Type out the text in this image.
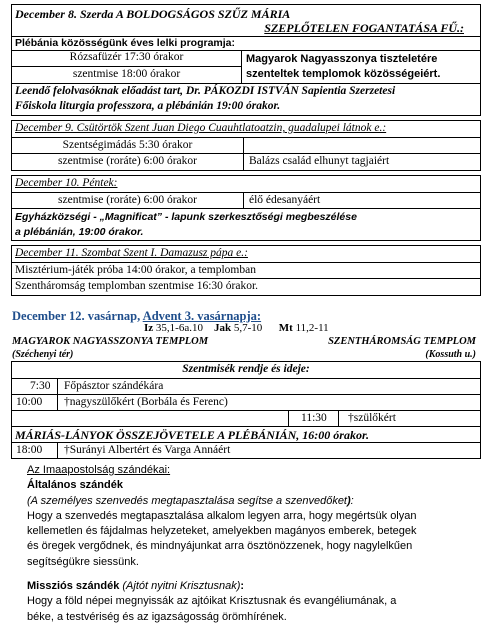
December 8. Szerda A BOLDOGSÁGOS SZŰZ MÁRIA
SZEPLŐTELEN FOGANTATÁSA FŰ.:
Plébánia közösségünk éves lelki programja:
Rózsafüzér 17:30 órakor
szentmise 18:00 órakor
Magyarok Nagyasszonya tiszteletére
szenteltek templomok közösségeiért.
Leendő felolvasóknak előadást tart, Dr. PÁKOZDI ISTVÁN Sapientia Szerzetesi
Főiskola liturgia professzora, a plébánián 19:00 órakor.
December 9. Csütörtök Szent Juan Diego Cuauhtlatoatzin, guadalupei látnok e.:
Szentségimádás 5:30 órakor
szentmise (roráte) 6:00 órakor	Balázs család elhunyt tagjaiért
December 10. Péntek:
szentmise (roráte) 6:00 órakor	élő édesanyáért
Egyházközségi - „Magnificat” - lapunk szerkesztőségi megbeszélése
a plébánián, 19:00 órakor.
December 11. Szombat Szent I. Damazusz pápa e.:
Misztérium-játék próba 14:00 órakor, a templomban
Szentháromság templomban szentmise 16:30 órakor.
December 12. vasárnap, Advent 3. vasárnapja:
Iz 35,1-6a.10 Jak 5,7-10 Mt 11,2-11
MAGYAROK NAGYASSZONYA TEMPLOM	SZENTHÁROMSÁG TEMPLOM
(Széchenyi tér)	(Kossuth u.)
Szentmisék rendje és ideje:
7:30 Főpásztor szándékára
10:00 †nagyszülőkért (Borbála és Ferenc)
11:30 †szülőkért
MÁRIÁS-LÁNYOK ÖSSZEJÖVETELE A PLÉBÁNIÁN, 16:00 órakor.
18:00 †Surányi Albertért és Varga Annáért
Az Imaapostolság szándékai:
Általános szándék
(A személyes szenvedés megtapasztalása segítse a szenvedőket):
Hogy a szenvedés megtapasztalása alkalom legyen arra, hogy megértsük olyan
kellemetlen és fájdalmas helyzeteket, amelyekben magányos emberek, betegek
és öregek vergődnek, és mindnyájunkat arra ösztönözzenek, hogy nagylelkűen
segítségükre siessünk.
Missziós szándék (Ajtót nyitni Krisztusnak):
Hogy a föld népei megnyissák az ajtóikat Krisztusnak és evangéliumának, a
béke, a testvériség és az igazságosság örömhírének.
